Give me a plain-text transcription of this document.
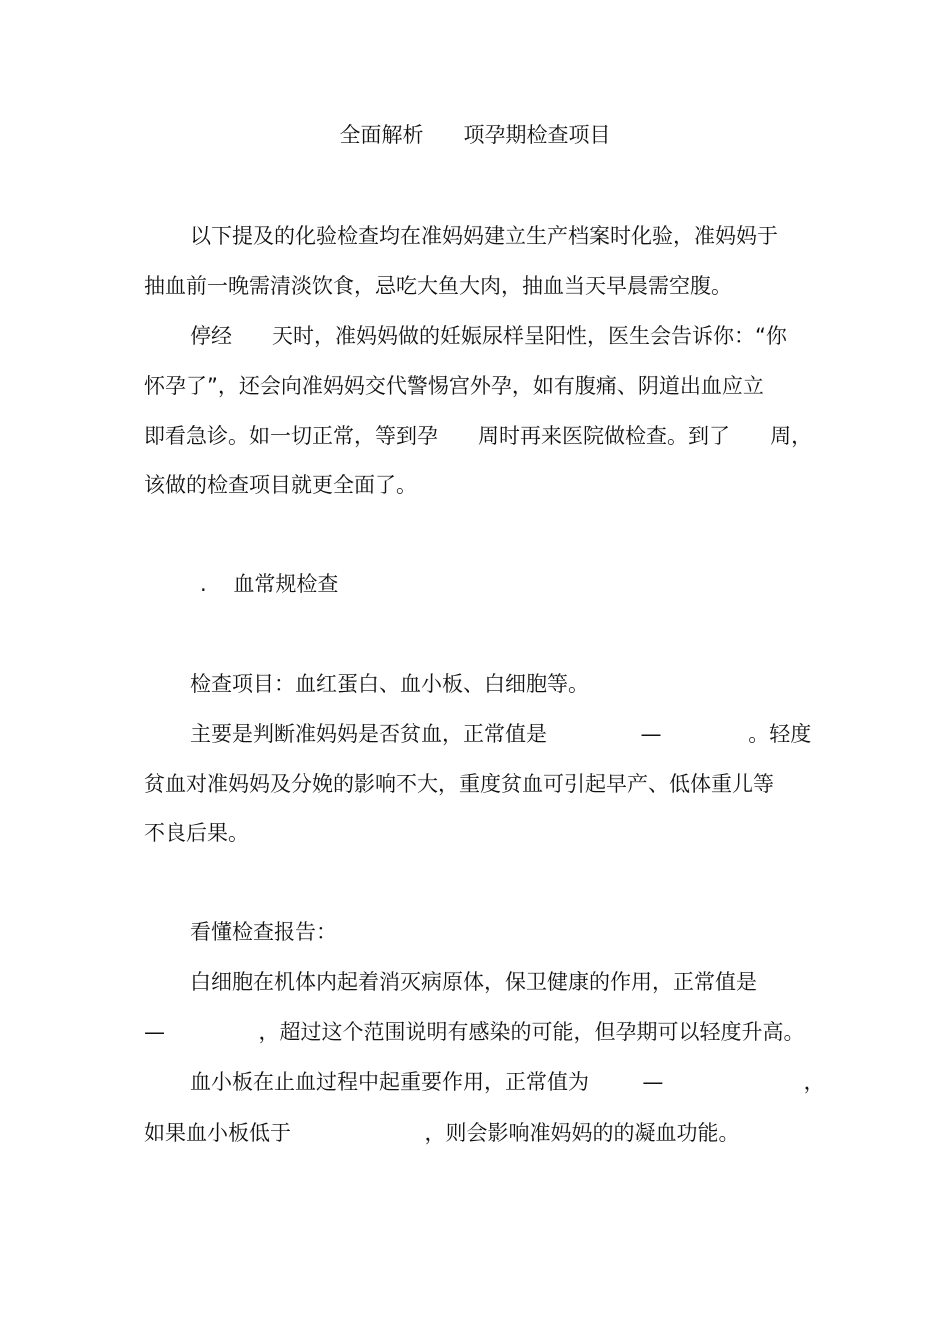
全面解析      项孕期检查项目
以下提及的化验检查均在准妈妈建立生产档案时化验，准妈妈于
抽血前一晚需清淡饮食，忌吃大鱼大肉，抽血当天早晨需空腹。
停经      天时，准妈妈做的妊娠尿样呈阳性，医生会告诉你：“你
怀孕了”，还会向准妈妈交代警惕宫外孕，如有腹痛、阴道出血应立
即看急诊。如一切正常，等到孕      周时再来医院做检查。到了      周，
该做的检查项目就更全面了。
.    血常规检查
检查项目：血红蛋白、血小板、白细胞等。
主要是判断准妈妈是否贫血，正常值是              —             。轻度
贫血对准妈妈及分娩的影响不大，重度贫血可引起早产、低体重儿等
不良后果。
看懂检查报告：
白细胞在机体内起着消灭病原体，保卫健康的作用，正常值是
—              ，超过这个范围说明有感染的可能，但孕期可以轻度升高。
血小板在止血过程中起重要作用，正常值为        —                     ，
如果血小板低于                    ，则会影响准妈妈的的凝血功能。
